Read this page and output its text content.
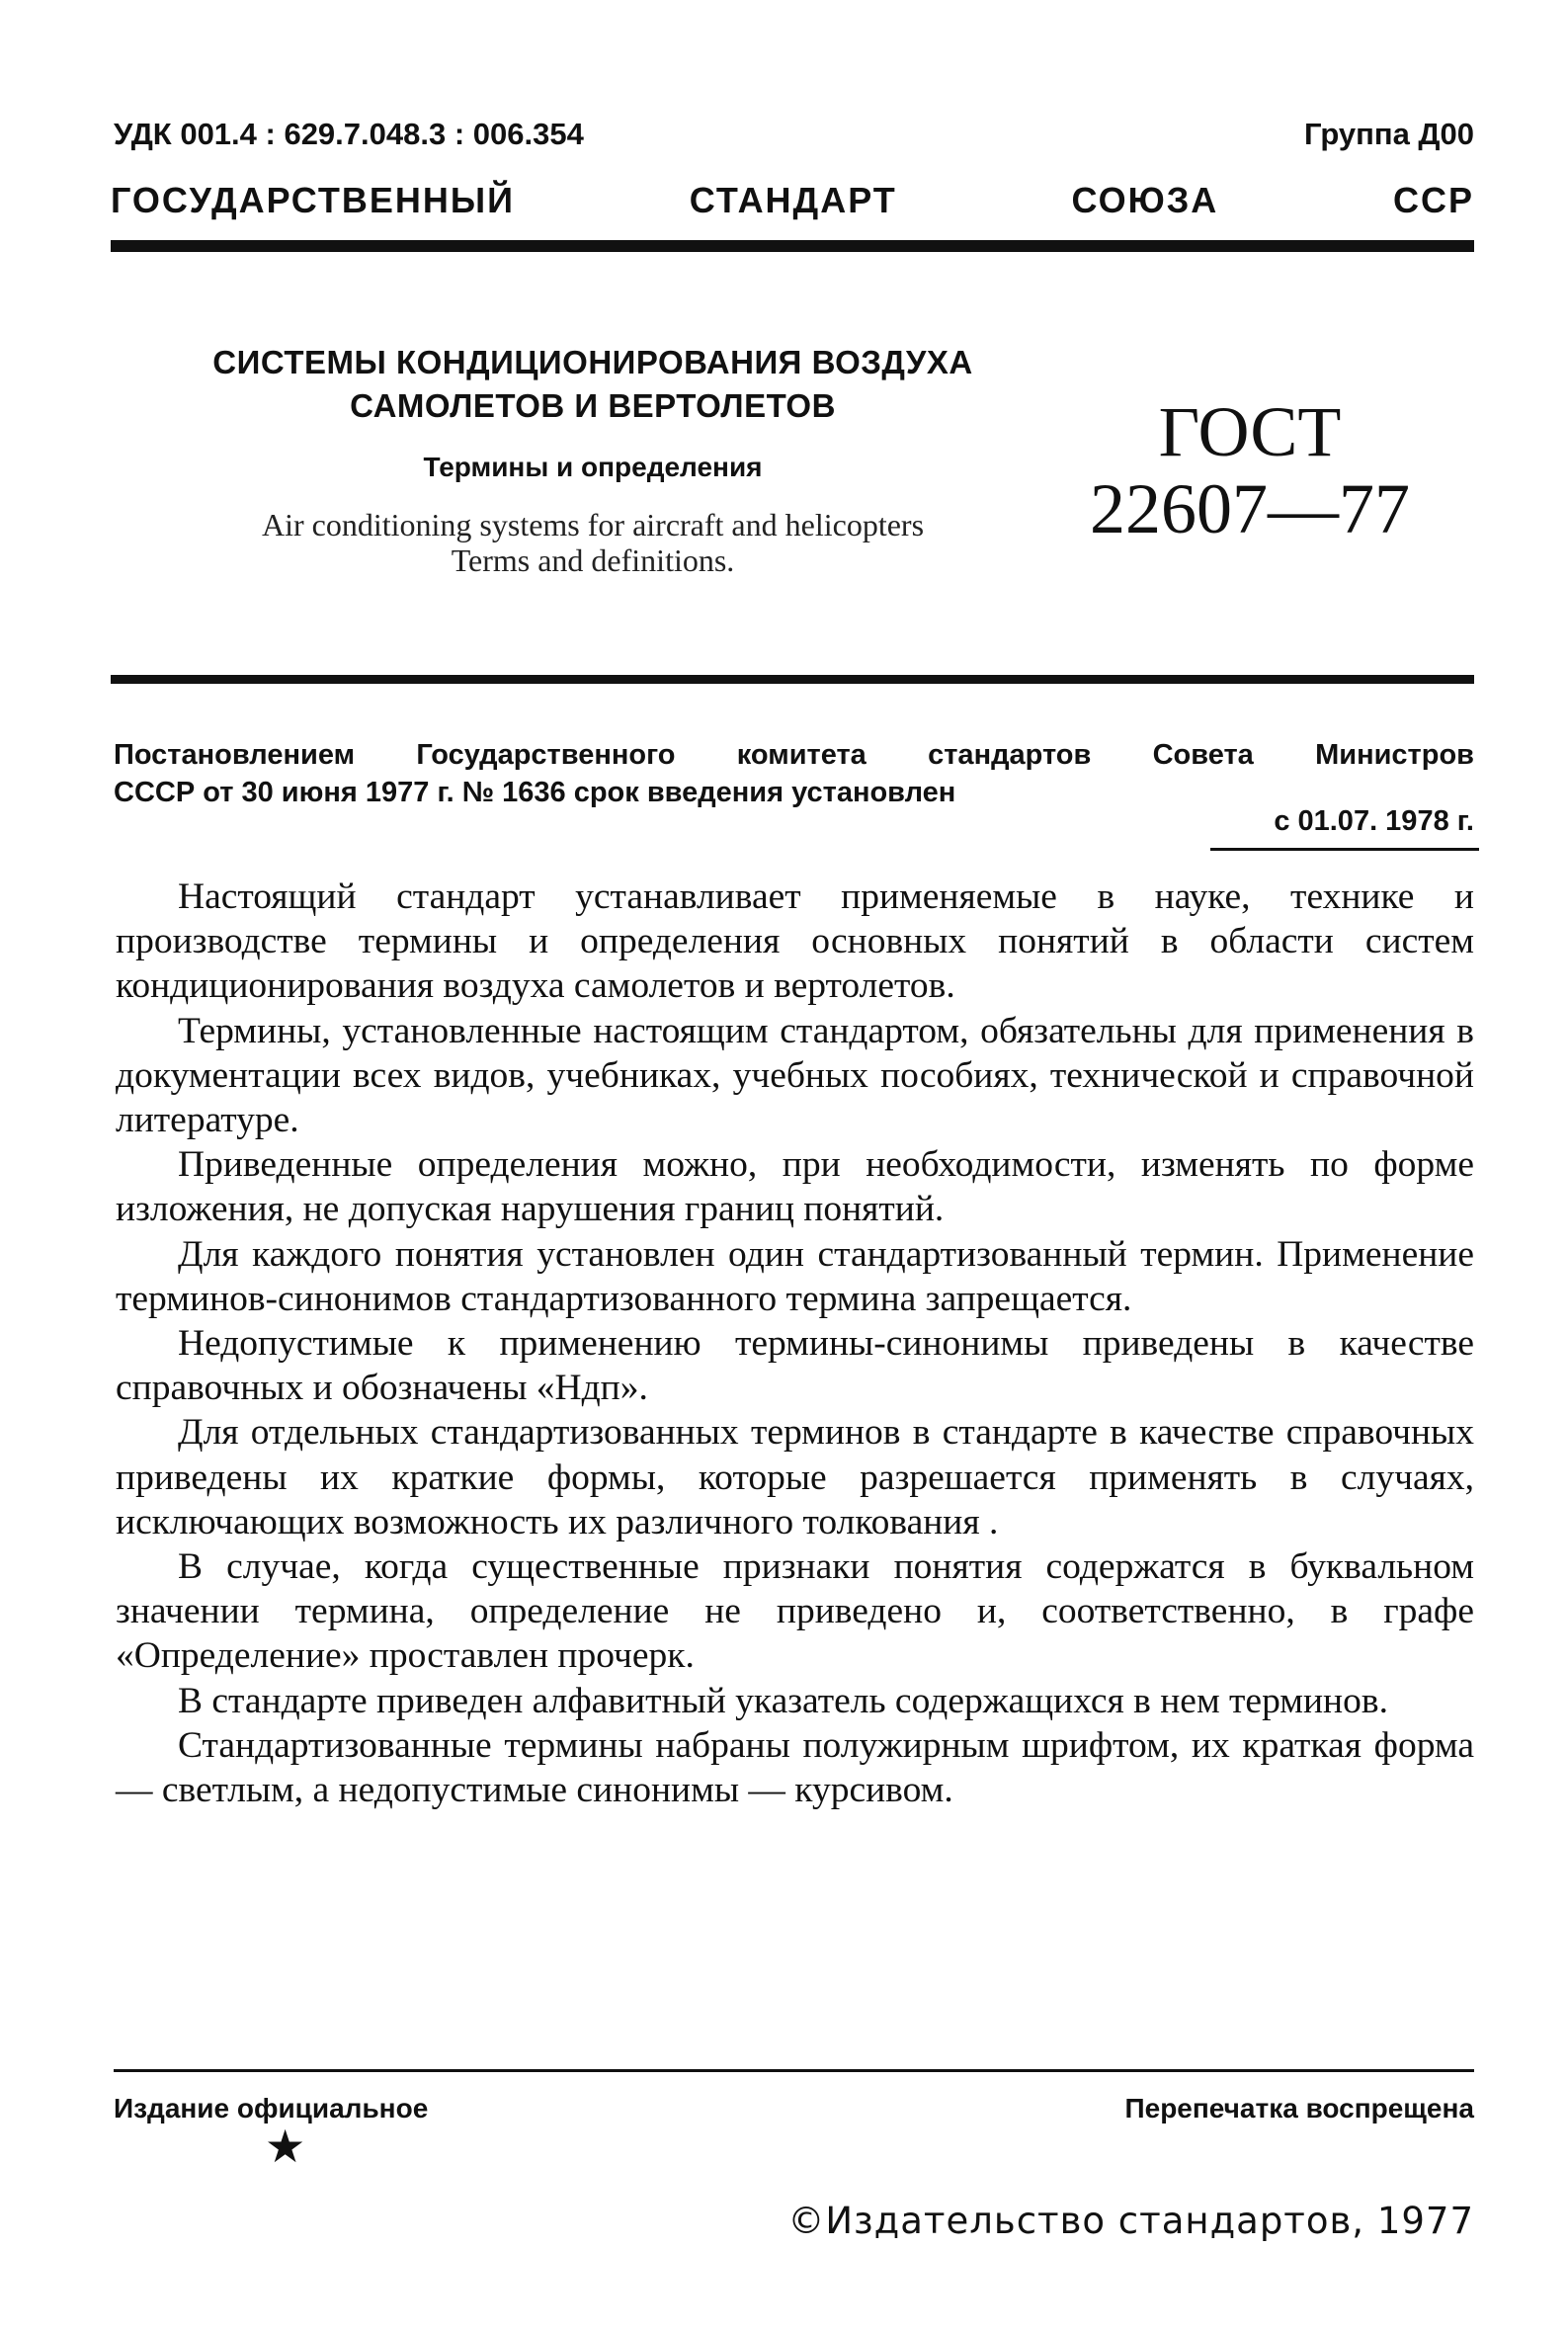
УДК 001.4 : 629.7.048.3 : 006.354	Группа Д00
ГОСУДАРСТВЕННЫЙ СТАНДАРТ СОЮЗА ССР
СИСТЕМЫ КОНДИЦИОНИРОВАНИЯ ВОЗДУХА
САМОЛЕТОВ И ВЕРТОЛЕТОВ
Термины и определения
Air conditioning systems for aircraft and helicopters
Terms and definitions.
ГОСТ
22607—77
Постановлением Государственного комитета стандартов Совета Министров
СССР от 30 июня 1977 г. № 1636 срок введения установлен
с 01.07. 1978 г.

Настоящий стандарт устанавливает применяемые в науке, технике и производстве термины и определения основных понятий в области систем кондиционирования воздуха самолетов и вертолетов.

Термины, установленные настоящим стандартом, обязательны для применения в документации всех видов, учебниках, учебных пособиях, технической и справочной литературе.

Приведенные определения можно, при необходимости, изменять по форме изложения, не допуская нарушения границ понятий.

Для каждого понятия установлен один стандартизованный термин. Применение терминов-синонимов стандартизованного термина запрещается.

Недопустимые к применению термины-синонимы приведены в качестве справочных и обозначены «Ндп».

Для отдельных стандартизованных терминов в стандарте в качестве справочных приведены их краткие формы, которые разрешается применять в случаях, исключающих возможность их различного толкования .

В случае, когда существенные признаки понятия содержатся в буквальном значении термина, определение не приведено и, соответственно, в графе «Определение» проставлен прочерк.

В стандарте приведен алфавитный указатель содержащихся в нем терминов.

Стандартизованные термины набраны полужирным шрифтом, их краткая форма — светлым, а недопустимые синонимы — курсивом.

Издание официальное	Перепечатка воспрещена
★
©Издательство стандартов, 1977
